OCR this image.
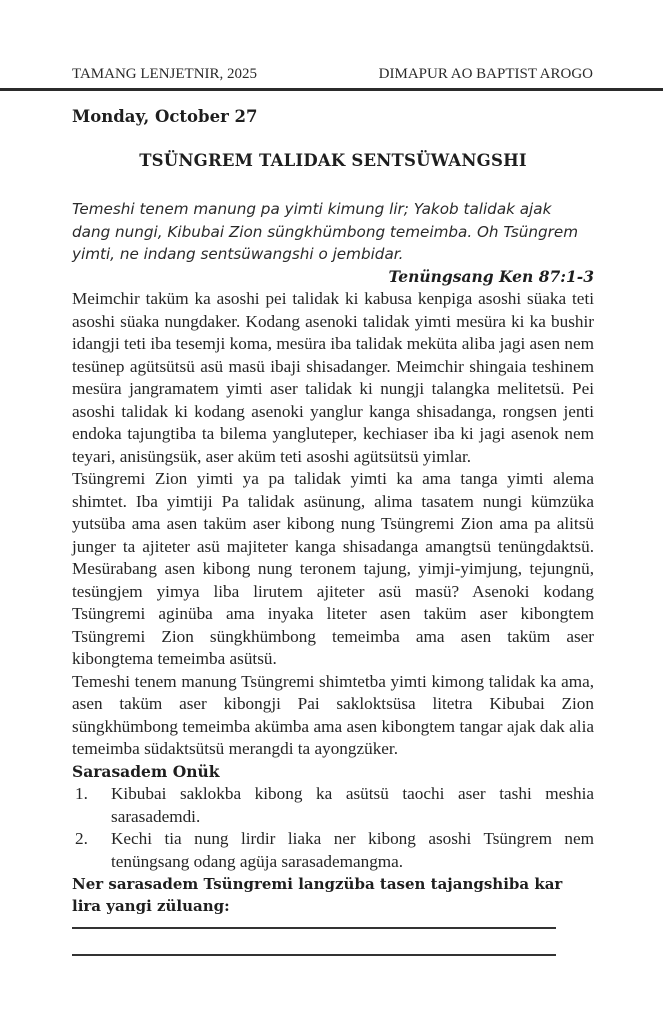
TAMANG LENJETNIR, 2025	DIMAPUR AO BAPTIST AROGO

Monday, October 27

TSÜNGREM TALIDAK SENTSÜWANGSHI

Temeshi tenem manung pa yimti kimung lir; Yakob talidak ajak dang nungi, Kibubai Zion süngkhümbong temeimba. Oh Tsüngrem yimti, ne indang sentsüwangshi o jembidar.

Tenüngsang Ken 87:1-3

Meimchir taküm ka asoshi pei talidak ki kabusa kenpiga asoshi süaka teti asoshi süaka nungdaker. Kodang asenoki talidak yimti mesüra ki ka bushir idangji teti iba tesemji koma, mesüra iba talidak meküta aliba jagi asen nem tesünep agütsütsü asü masü ibaji shisadanger. Meimchir shingaia teshinem mesüra jangramatem yimti aser talidak ki nungji talangka melitetsü. Pei asoshi talidak ki kodang asenoki yanglur kanga shisadanga, rongsen jenti endoka tajungtiba ta bilema yangluteper, kechiaser iba ki jagi asenok nem teyari, anisüngsük, aser aküm teti asoshi agütsütsü yimlar.

Tsüngremi Zion yimti ya pa talidak yimti ka ama tanga yimti alema shimtet. Iba yimtiji Pa talidak asünung, alima tasatem nungi kümzüka yutsüba ama asen taküm aser kibong nung Tsüngremi Zion ama pa alitsü junger ta ajiteter asü majiteter kanga shisadanga amangtsü tenüngdaktsü. Mesürabang asen kibong nung teronem tajung, yimji-yimjung, tejungnü, tesüngjem yimya liba lirutem ajiteter asü masü? Asenoki kodang Tsüngremi aginüba ama inyaka liteter asen taküm aser kibongtem Tsüngremi Zion süngkhümbong temeimba ama asen taküm aser kibongtema temeimba asütsü.

Temeshi tenem manung Tsüngremi shimtetba yimti kimong talidak ka ama, asen taküm aser kibongji Pai sakloktsüsa litetra Kibubai Zion süngkhümbong temeimba akümba ama asen kibongtem tangar ajak dak alia temeimba südaktsütsü merangdi ta ayongzüker.

Sarasadem Onük

1.	Kibubai saklokba kibong ka asütsü taochi aser tashi meshia sarasademdi.
2.	Kechi tia nung lirdir liaka ner kibong asoshi Tsüngrem nem tenüngsang odang agüja sarasademangma.

Ner sarasadem Tsüngremi langzüba tasen tajangshiba kar lira yangi züluang:
